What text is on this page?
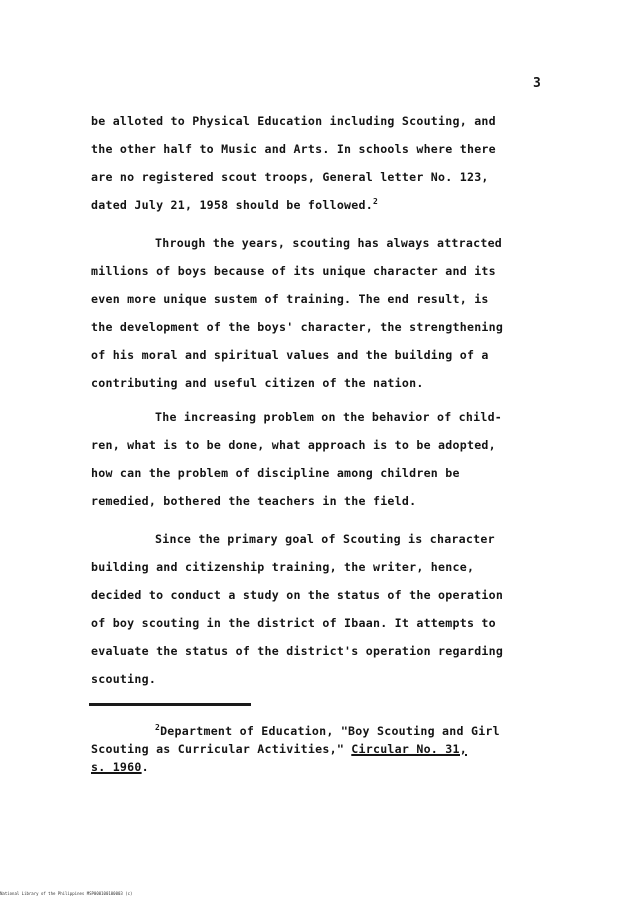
3
be alloted to Physical Education including Scouting, and
the other half to Music and Arts. In schools where there
are no registered scout troops, General letter No. 123,
dated July 21, 1958 should be followed.$^2$
Through the years, scouting has always attracted
millions of boys because of its unique character and its
even more unique sustem of training. The end result, is
the development of the boys' character, the strengthening
of his moral and spiritual values and the building of a
contributing and useful citizen of the nation.
The increasing problem on the behavior of child-
ren, what is to be done, what approach is to be adopted,
how can the problem of discipline among children be
remedied, bothered the teachers in the field.
Since the primary goal of Scouting is character
building and citizenship training, the writer, hence,
decided to conduct a study on the status of the operation
of boy scouting in the district of Ibaan. It attempts to
evaluate the status of the district's operation regarding
scouting.
$^2$Department of Education, "Boy Scouting and Girl
Scouting as Curricular Activities," Circular No. 31,
s. 1960.
National Library of the Philippines MSP000100100003 (c)
